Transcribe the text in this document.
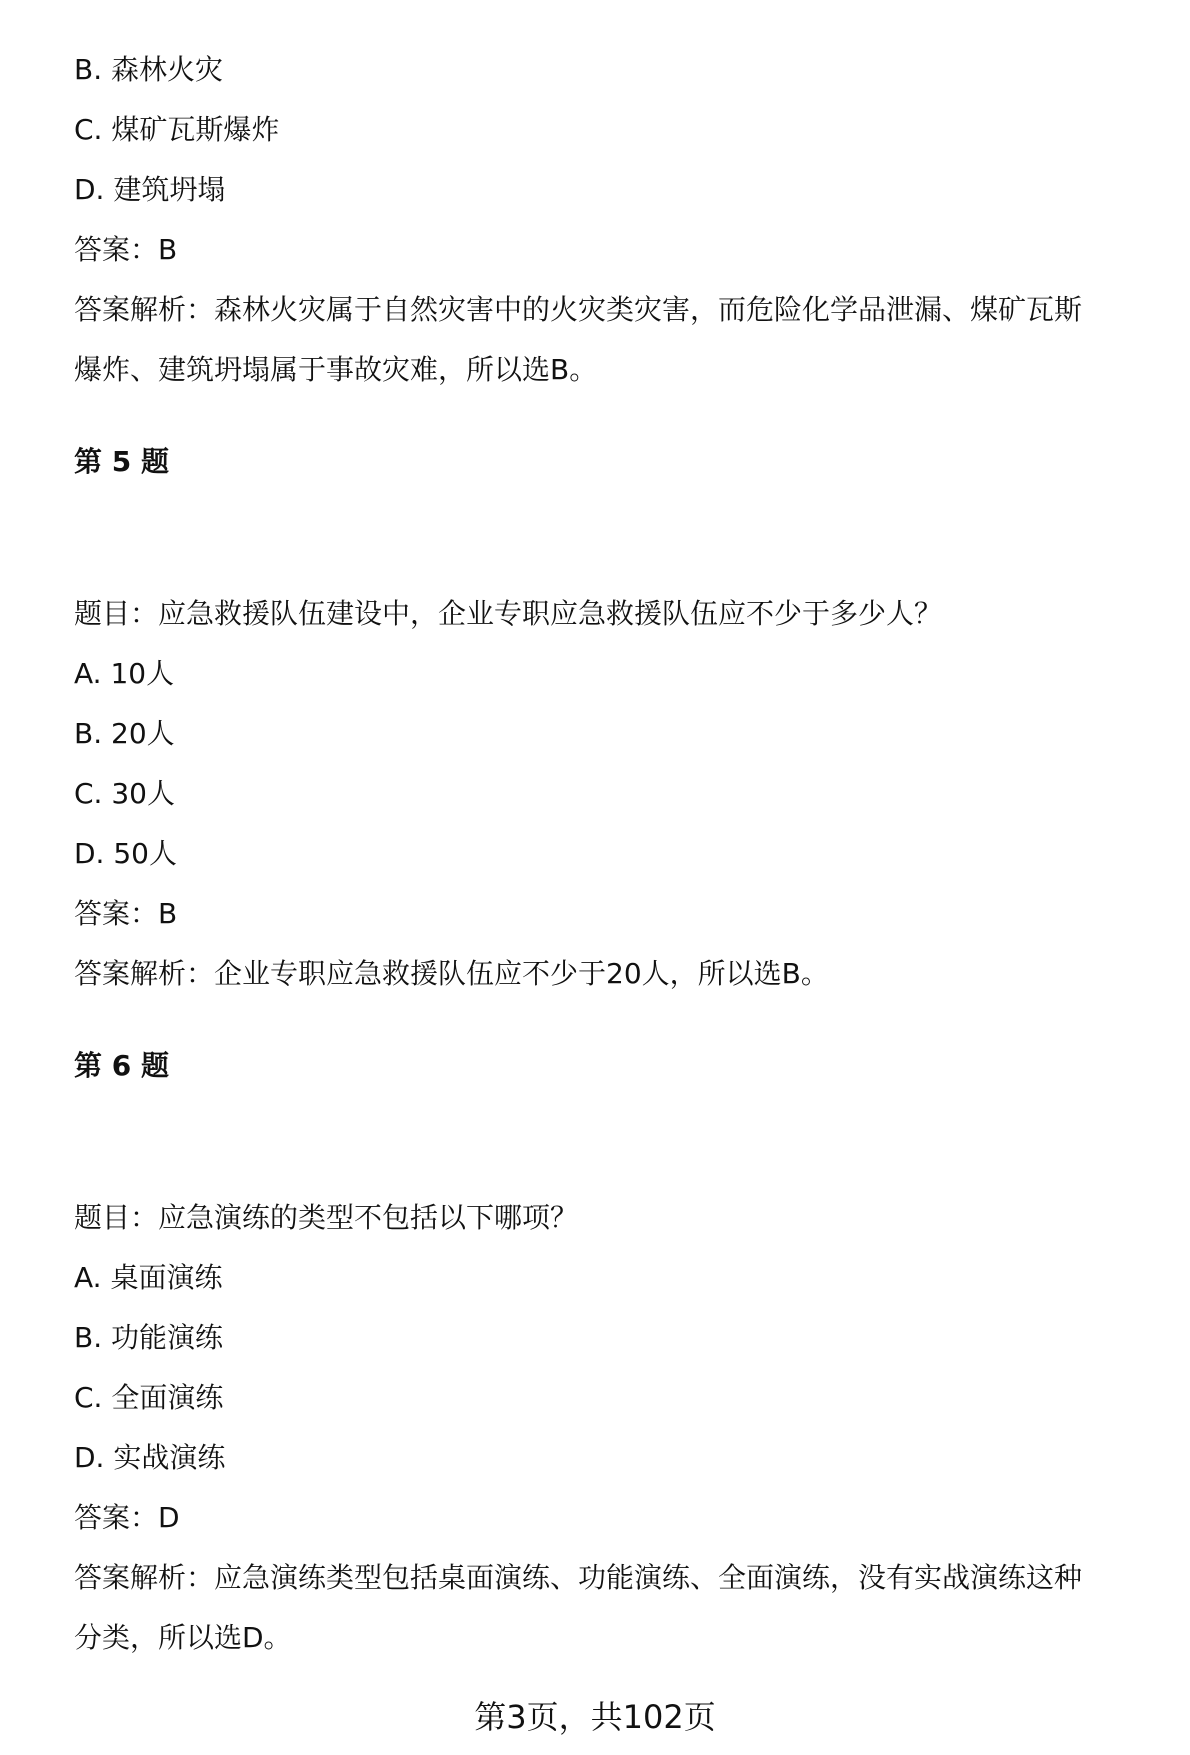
B. 森林火灾
C. 煤矿瓦斯爆炸
D. 建筑坍塌
答案：B
答案解析：森林火灾属于自然灾害中的火灾类灾害，而危险化学品泄漏、煤矿瓦斯
爆炸、建筑坍塌属于事故灾难，所以选B。
第 5 题
题目：应急救援队伍建设中，企业专职应急救援队伍应不少于多少人？
A. 10人
B. 20人
C. 30人
D. 50人
答案：B
答案解析：企业专职应急救援队伍应不少于20人，所以选B。
第 6 题
题目：应急演练的类型不包括以下哪项？
A. 桌面演练
B. 功能演练
C. 全面演练
D. 实战演练
答案：D
答案解析：应急演练类型包括桌面演练、功能演练、全面演练，没有实战演练这种
分类，所以选D。
第3页，共102页
